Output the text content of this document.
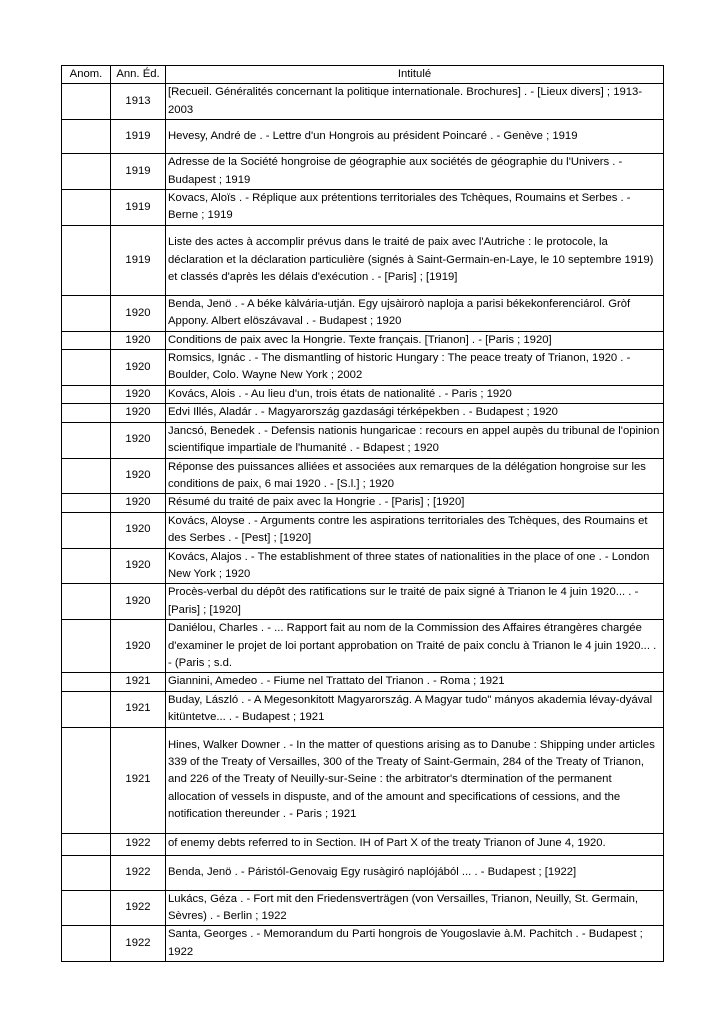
Anom.	Ann. Éd.	Intitulé
	1913	[Recueil. Généralités concernant la politique internationale. Brochures] . - [Lieux divers] ; 1913-2003
	1919	Hevesy, André de . - Lettre d'un Hongrois au président Poincaré . - Genève ; 1919
	1919	Adresse de la Société hongroise de géographie aux sociétés de géographie du l'Univers . - Budapest ; 1919
	1919	Kovacs, Aloïs . - Réplique aux prétentions territoriales des Tchèques, Roumains et Serbes . - Berne ; 1919
	1919	Liste des actes à accomplir prévus dans le traité de paix avec l'Autriche : le protocole, la déclaration et la déclaration particulière (signés à Saint-Germain-en-Laye, le 10 septembre 1919) et classés d'après les délais d'exécution . - [Paris] ; [1919]
	1920	Benda, Jenö . - A béke kàlvária-utján. Egy ujsàirorò naploja a parisi békekonferenciárol. Gròf Appony. Albert elöszávaval . - Budapest ; 1920
	1920	Conditions de paix avec la Hongrie. Texte français. [Trianon] . - [Paris ; 1920]
	1920	Romsics, Ignác . - The dismantling of historic Hungary : The peace treaty of Trianon, 1920 . - Boulder, Colo. Wayne New York ; 2002
	1920	Kovács, Alois . - Au lieu d'un, trois états de nationalité . - Paris ; 1920
	1920	Edvi Illés, Aladár . - Magyarország gazdasági térképekben . - Budapest ; 1920
	1920	Jancsó, Benedek . - Defensis nationis hungaricae : recours en appel aupès du tribunal de l'opinion scientifique impartiale de l'humanité . - Bdapest ; 1920
	1920	Réponse des puissances alliées et associées aux remarques de la délégation hongroise sur les conditions de paix, 6 mai 1920 . - [S.l.] ; 1920
	1920	Résumé du traité de paix avec la Hongrie . - [Paris] ; [1920]
	1920	Kovács, Aloyse . - Arguments contre les aspirations territoriales des Tchèques, des Roumains et des Serbes . - [Pest] ; [1920]
	1920	Kovács, Alajos . - The establishment of three states of nationalities in the place of one . - London New York ; 1920
	1920	Procès-verbal du dépôt des ratifications sur le traité de paix signé à Trianon le 4 juin 1920... . - [Paris] ; [1920]
	1920	Daniélou, Charles . - ... Rapport fait au nom de la Commission des Affaires étrangères chargée d'examiner le projet de loi portant approbation on Traité de paix conclu à Trianon le 4 juin 1920... . - (Paris ; s.d.
	1921	Giannini, Amedeo . - Fiume nel Trattato del Trianon . - Roma ; 1921
	1921	Buday, László . - A Megesonkitott Magyarország. A Magyar tudo" mányos akademia lévay-dyával kitüntetve... . - Budapest ; 1921
	1921	Hines, Walker Downer . - In the matter of questions arising as to Danube : Shipping under articles 339 of the Treaty of Versailles, 300 of the Treaty of Saint-Germain, 284 of the Treaty of Trianon, and 226 of the Treaty of Neuilly-sur-Seine : the arbitrator's dtermination of the permanent allocation of vessels in dispuste, and of the amount and specifications of cessions, and the notification thereunder . - Paris ; 1921
	1922	of enemy debts referred to in Section. IH of Part X of the treaty Trianon of June 4, 1920.
	1922	Benda, Jenö . - Páristól-Genovaig Egy rusàgiró naplójából ... . - Budapest ; [1922]
	1922	Lukács, Géza . - Fort mit den Friedensverträgen (von Versailles, Trianon, Neuilly, St. Germain, Sèvres) . - Berlin ; 1922
	1922	Santa, Georges . - Memorandum du Parti hongrois de Yougoslavie à.M. Pachitch . - Budapest ; 1922
